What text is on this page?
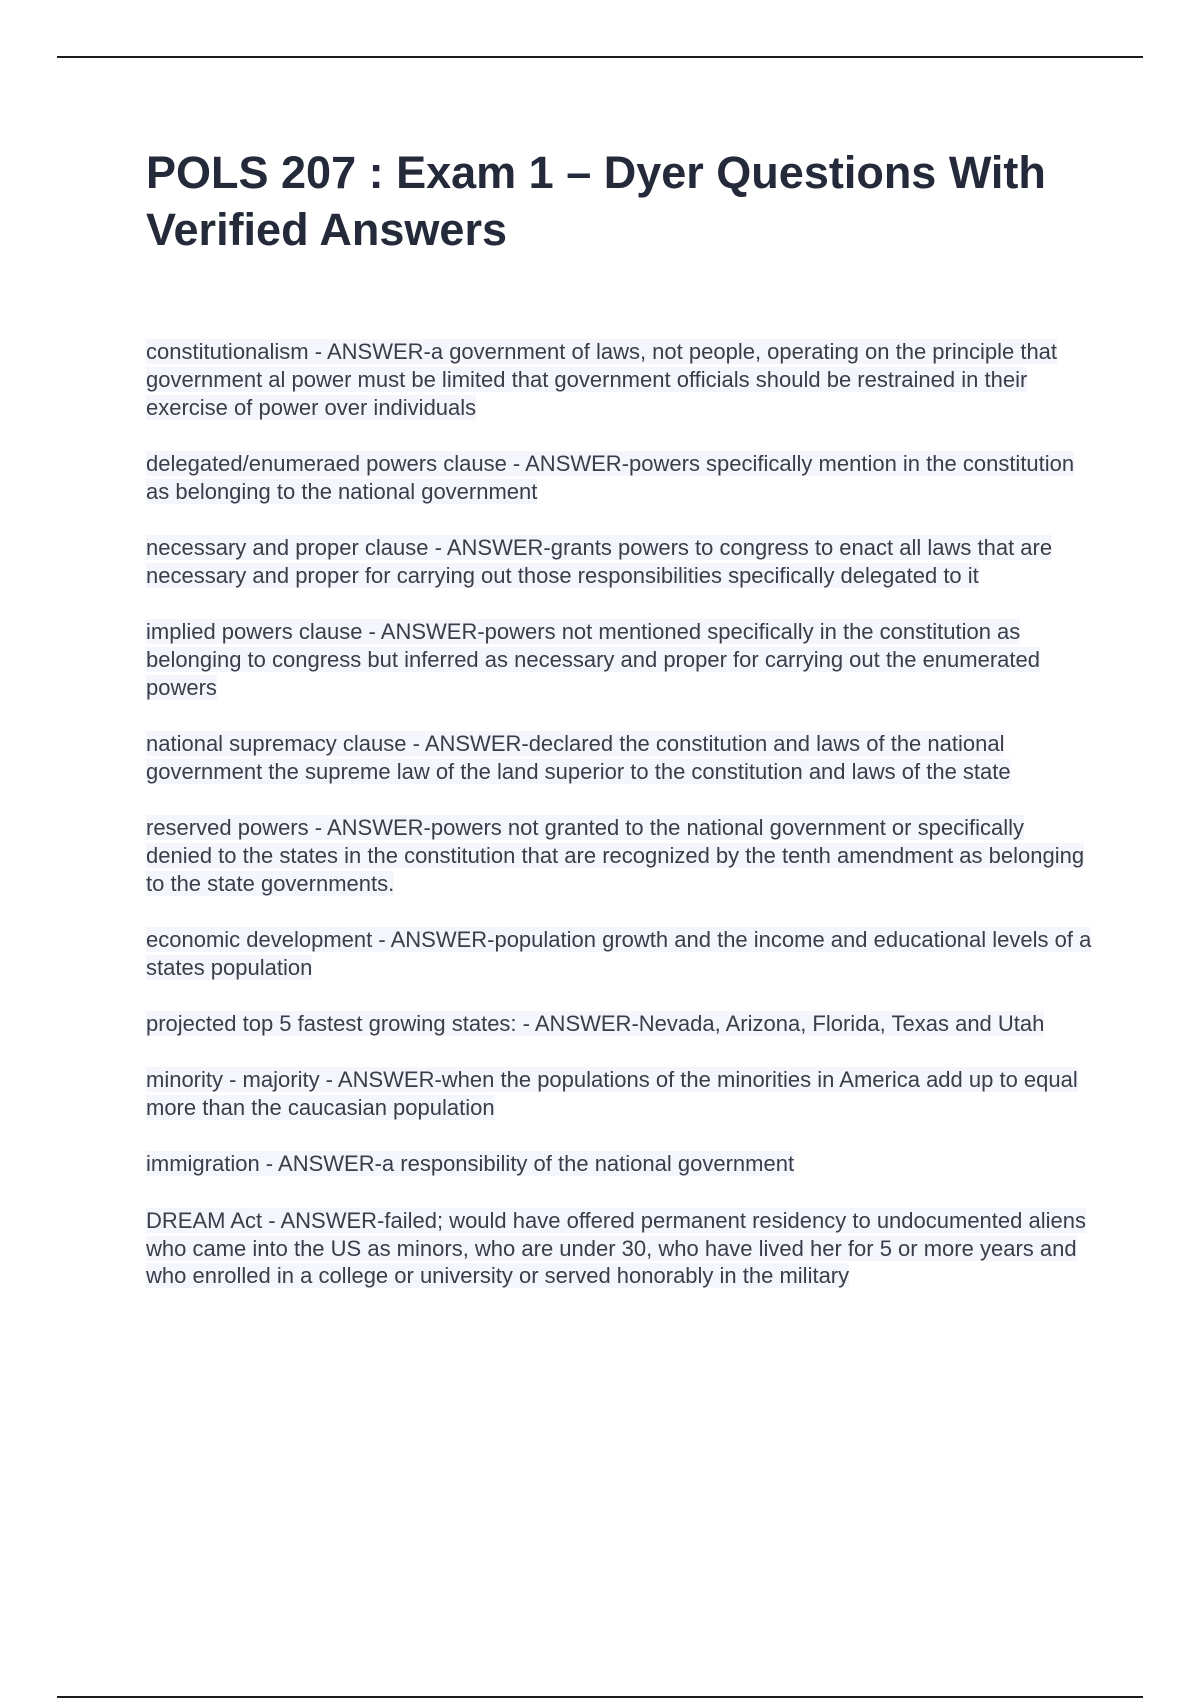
POLS 207 : Exam 1 – Dyer Questions With Verified Answers
constitutionalism - ANSWER-a government of laws, not people, operating on the principle that government al power must be limited that government officials should be restrained in their exercise of power over individuals
delegated/enumeraed powers clause - ANSWER-powers specifically mention in the constitution as belonging to the national government
necessary and proper clause - ANSWER-grants powers to congress to enact all laws that are necessary and proper for carrying out those responsibilities specifically delegated to it
implied powers clause - ANSWER-powers not mentioned specifically in the constitution as belonging to congress but inferred as necessary and proper for carrying out the enumerated powers
national supremacy clause - ANSWER-declared the constitution and laws of the national government the supreme law of the land superior to the constitution and laws of the state
reserved powers - ANSWER-powers not granted to the national government or specifically denied to the states in the constitution that are recognized by the tenth amendment as belonging to the state governments.
economic development - ANSWER-population growth and the income and educational levels of a states population
projected top 5 fastest growing states: - ANSWER-Nevada, Arizona, Florida, Texas and Utah
minority - majority - ANSWER-when the populations of the minorities in America add up to equal more than the caucasian population
immigration - ANSWER-a responsibility of the national government
DREAM Act - ANSWER-failed; would have offered permanent residency to undocumented aliens who came into the US as minors, who are under 30, who have lived her for 5 or more years and who enrolled in a college or university or served honorably in the military
